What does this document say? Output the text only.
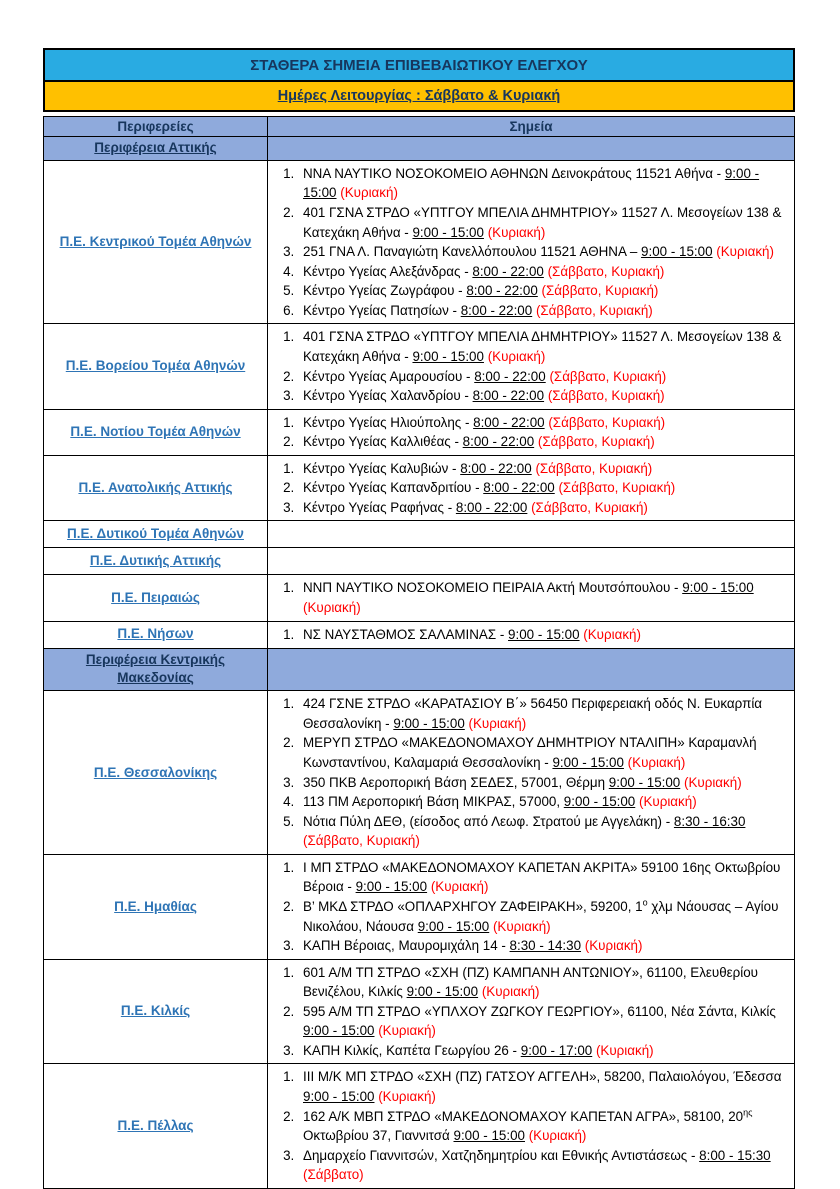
ΣΤΑΘΕΡΑ ΣΗΜΕΙΑ ΕΠΙΒΕΒΑΙΩΤΙΚΟΥ ΕΛΕΓΧΟΥ
Ημέρες Λειτουργίας : Σάββατο & Κυριακή
Περιφερείες	Σημεία
Περιφέρεια Αττικής	
Π.Ε. Κεντρικού Τομέα Αθηνών	
1. ΝΝΑ ΝΑΥΤΙΚΟ ΝΟΣΟΚΟΜΕΙΟ ΑΘΗΝΩΝ Δεινοκράτους 11521 Αθήνα - 9:00 - 15:00 (Κυριακή)
2. 401 ΓΣΝΑ ΣΤΡΔΟ «ΥΠΤΓΟΥ ΜΠΕΛΙΑ ΔΗΜΗΤΡΙΟΥ» 11527 Λ. Μεσογείων 138 & Κατεχάκη Αθήνα - 9:00 - 15:00 (Κυριακή)
3. 251 ΓΝΑ Λ. Παναγιώτη Κανελλόπουλου 11521 ΑΘΗΝΑ – 9:00 - 15:00 (Κυριακή)
4. Κέντρο Υγείας Αλεξάνδρας - 8:00 - 22:00 (Σάββατο, Κυριακή)
5. Κέντρο Υγείας Ζωγράφου - 8:00 - 22:00 (Σάββατο, Κυριακή)
6. Κέντρο Υγείας Πατησίων - 8:00 - 22:00 (Σάββατο, Κυριακή)

Π.Ε. Βορείου Τομέα Αθηνών	
1. 401 ΓΣΝΑ ΣΤΡΔΟ «ΥΠΤΓΟΥ ΜΠΕΛΙΑ ΔΗΜΗΤΡΙΟΥ» 11527 Λ. Μεσογείων 138 & Κατεχάκη Αθήνα - 9:00 - 15:00 (Κυριακή)
2. Κέντρο Υγείας Αμαρουσίου - 8:00 - 22:00 (Σάββατο, Κυριακή)
3. Κέντρο Υγείας Χαλανδρίου - 8:00 - 22:00 (Σάββατο, Κυριακή)

Π.Ε. Νοτίου Τομέα Αθηνών	
1. Κέντρο Υγείας Ηλιούπολης - 8:00 - 22:00 (Σάββατο, Κυριακή)
2. Κέντρο Υγείας Καλλιθέας - 8:00 - 22:00 (Σάββατο, Κυριακή)

Π.Ε. Ανατολικής Αττικής	
1. Κέντρο Υγείας Καλυβιών - 8:00 - 22:00 (Σάββατο, Κυριακή)
2. Κέντρο Υγείας Καπανδριτίου - 8:00 - 22:00 (Σάββατο, Κυριακή)
3. Κέντρο Υγείας Ραφήνας - 8:00 - 22:00 (Σάββατο, Κυριακή)

Π.Ε. Δυτικού Τομέα Αθηνών	
Π.Ε. Δυτικής Αττικής	
Π.Ε. Πειραιώς	
1. ΝΝΠ ΝΑΥΤΙΚΟ ΝΟΣΟΚΟΜΕΙΟ ΠΕΙΡΑΙΑ Ακτή Μουτσόπουλου - 9:00 - 15:00 (Κυριακή)

Π.Ε. Νήσων	
1.ΝΣ ΝΑΥΣΤΑΘΜΟΣ ΣΑΛΑΜΙΝΑΣ - 9:00 - 15:00 (Κυριακή)

Περιφέρεια Κεντρικής Μακεδονίας	
Π.Ε. Θεσσαλονίκης	
1. 424 ΓΣΝΕ ΣΤΡΔΟ «ΚΑΡΑΤΑΣΙΟΥ Β΄» 56450 Περιφερειακή οδός Ν. Ευκαρπία Θεσσαλονίκη - 9:00 - 15:00 (Κυριακή)
2. ΜΕΡΥΠ ΣΤΡΔΟ «ΜΑΚΕΔΟΝΟΜΑΧΟΥ ΔΗΜΗΤΡΙΟΥ ΝΤΑΛΙΠΗ» Καραμανλή Κωνσταντίνου, Καλαμαριά Θεσσαλονίκη - 9:00 - 15:00 (Κυριακή)
3. 350 ΠΚΒ Αεροπορική Βάση ΣΕΔΕΣ, 57001, Θέρμη 9:00 - 15:00 (Κυριακή)
4. 113 ΠΜ Αεροπορική Βάση ΜΙΚΡΑΣ, 57000, 9:00 - 15:00 (Κυριακή)
5. Νότια Πύλη ΔΕΘ, (είσοδος από Λεωφ. Στρατού με Αγγελάκη) - 8:30 - 16:30 (Σάββατο, Κυριακή)

Π.Ε. Ημαθίας	
1. Ι ΜΠ ΣΤΡΔΟ «ΜΑΚΕΔΟΝΟΜΑΧΟΥ ΚΑΠΕΤΑΝ ΑΚΡΙΤΑ» 59100 16ης Οκτωβρίου Βέροια - 9:00 - 15:00 (Κυριακή)
2. Β’ ΜΚΔ ΣΤΡΔΟ «ΟΠΛΑΡΧΗΓΟΥ ΖΑΦΕΙΡΑΚΗ», 59200, $1^o$ χλμ Νάουσας – Αγίου Νικολάου, Νάουσα 9:00 - 15:00 (Κυριακή)
3. ΚΑΠΗ Βέροιας, Μαυρομιχάλη 14 - 8:30 - 14:30 (Κυριακή)

Π.Ε. Κιλκίς	
1. 601 Α/Μ ΤΠ ΣΤΡΔΟ «ΣΧΗ (ΠΖ) ΚΑΜΠΑΝΗ ΑΝΤΩΝΙΟΥ», 61100, Ελευθερίου Βενιζέλου, Κιλκίς 9:00 - 15:00 (Κυριακή)
2. 595 Α/Μ ΤΠ ΣΤΡΔΟ «ΥΠΛΧΟΥ ΖΩΓΚΟΥ ΓΕΩΡΓΙΟΥ», 61100, Νέα Σάντα, Κιλκίς 9:00 - 15:00 (Κυριακή)
3. ΚΑΠΗ Κιλκίς, Καπέτα Γεωργίου 26 - 9:00 - 17:00 (Κυριακή)

Π.Ε. Πέλλας	
1. ΙΙΙ Μ/Κ ΜΠ ΣΤΡΔΟ «ΣΧΗ (ΠΖ) ΓΑΤΣΟΥ ΑΓΓΕΛΗ», 58200, Παλαιολόγου, Έδεσσα 9:00 - 15:00 (Κυριακή)
2. 162 Α/Κ ΜΒΠ ΣΤΡΔΟ «ΜΑΚΕΔΟΝΟΜΑΧΟΥ ΚΑΠΕΤΑΝ ΑΓΡΑ», 58100, $20^{\eta\varsigma}$ Οκτωβρίου 37, Γιαννιτσά 9:00 - 15:00 (Κυριακή)
3. Δημαρχείο Γιαννιτσών, Χατζηδημητρίου και Εθνικής Αντιστάσεως - 8:00 - 15:30 (Σάββατο)
